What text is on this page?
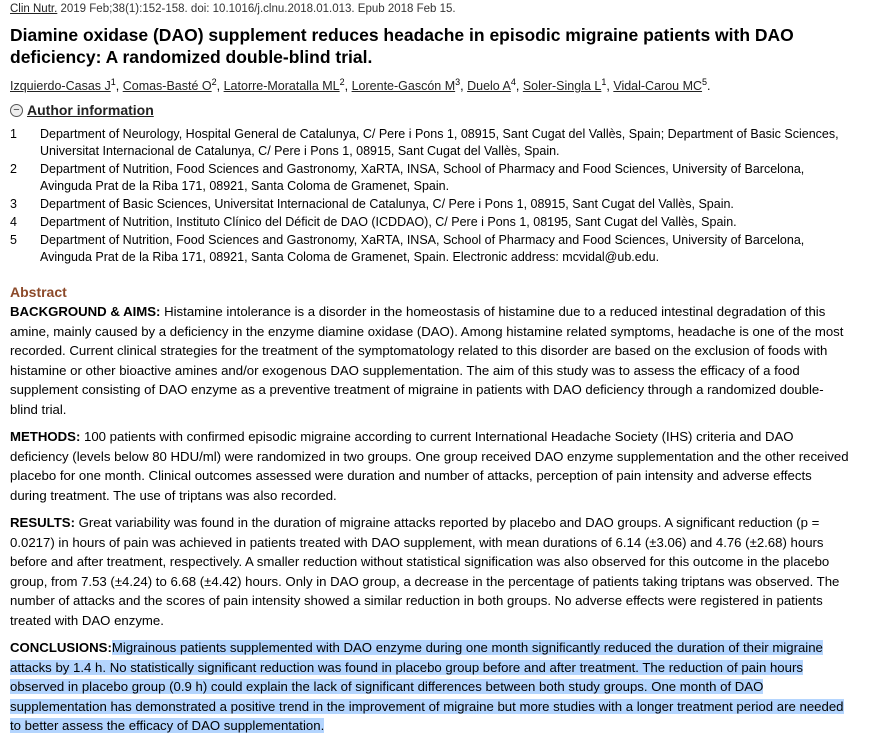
Clin Nutr. 2019 Feb;38(1):152-158. doi: 10.1016/j.clnu.2018.01.013. Epub 2018 Feb 15.
Diamine oxidase (DAO) supplement reduces headache in episodic migraine patients with DAO deficiency: A randomized double-blind trial.
Izquierdo-Casas $J^1$, Comas-Basté $O^2$, Latorre-Moratalla $ML^2$, Lorente-Gascón $M^3$, Duelo $A^4$, Soler-Singla $L^1$, Vidal-Carou $MC^5$.
− Author information
1	Department of Neurology, Hospital General de Catalunya, C/ Pere i Pons 1, 08915, Sant Cugat del Vallès, Spain; Department of Basic Sciences, Universitat Internacional de Catalunya, C/ Pere i Pons 1, 08915, Sant Cugat del Vallès, Spain.
2	Department of Nutrition, Food Sciences and Gastronomy, XaRTA, INSA, School of Pharmacy and Food Sciences, University of Barcelona, Avinguda Prat de la Riba 171, 08921, Santa Coloma de Gramenet, Spain.
3	Department of Basic Sciences, Universitat Internacional de Catalunya, C/ Pere i Pons 1, 08915, Sant Cugat del Vallès, Spain.
4	Department of Nutrition, Instituto Clínico del Déficit de DAO (ICDDAO), C/ Pere i Pons 1, 08195, Sant Cugat del Vallès, Spain.
5	Department of Nutrition, Food Sciences and Gastronomy, XaRTA, INSA, School of Pharmacy and Food Sciences, University of Barcelona, Avinguda Prat de la Riba 171, 08921, Santa Coloma de Gramenet, Spain. Electronic address: mcvidal@ub.edu.
Abstract

BACKGROUND & AIMS: Histamine intolerance is a disorder in the homeostasis of histamine due to a reduced intestinal degradation of this amine, mainly caused by a deficiency in the enzyme diamine oxidase (DAO). Among histamine related symptoms, headache is one of the most recorded. Current clinical strategies for the treatment of the symptomatology related to this disorder are based on the exclusion of foods with histamine or other bioactive amines and/or exogenous DAO supplementation. The aim of this study was to assess the efficacy of a food supplement consisting of DAO enzyme as a preventive treatment of migraine in patients with DAO deficiency through a randomized double-blind trial.

METHODS: 100 patients with confirmed episodic migraine according to current International Headache Society (IHS) criteria and DAO deficiency (levels below 80 HDU/ml) were randomized in two groups. One group received DAO enzyme supplementation and the other received placebo for one month. Clinical outcomes assessed were duration and number of attacks, perception of pain intensity and adverse effects during treatment. The use of triptans was also recorded.

RESULTS: Great variability was found in the duration of migraine attacks reported by placebo and DAO groups. A significant reduction (p = 0.0217) in hours of pain was achieved in patients treated with DAO supplement, with mean durations of 6.14 (±3.06) and 4.76 (±2.68) hours before and after treatment, respectively. A smaller reduction without statistical signification was also observed for this outcome in the placebo group, from 7.53 (±4.24) to 6.68 (±4.42) hours. Only in DAO group, a decrease in the percentage of patients taking triptans was observed. The number of attacks and the scores of pain intensity showed a similar reduction in both groups. No adverse effects were registered in patients treated with DAO enzyme.

CONCLUSIONS:Migrainous patients supplemented with DAO enzyme during one month significantly reduced the duration of their migraine attacks by 1.4 h. No statistically significant reduction was found in placebo group before and after treatment. The reduction of pain hours observed in placebo group (0.9 h) could explain the lack of significant differences between both study groups. One month of DAO supplementation has demonstrated a positive trend in the improvement of migraine but more studies with a longer treatment period are needed to better assess the efficacy of DAO supplementation.
